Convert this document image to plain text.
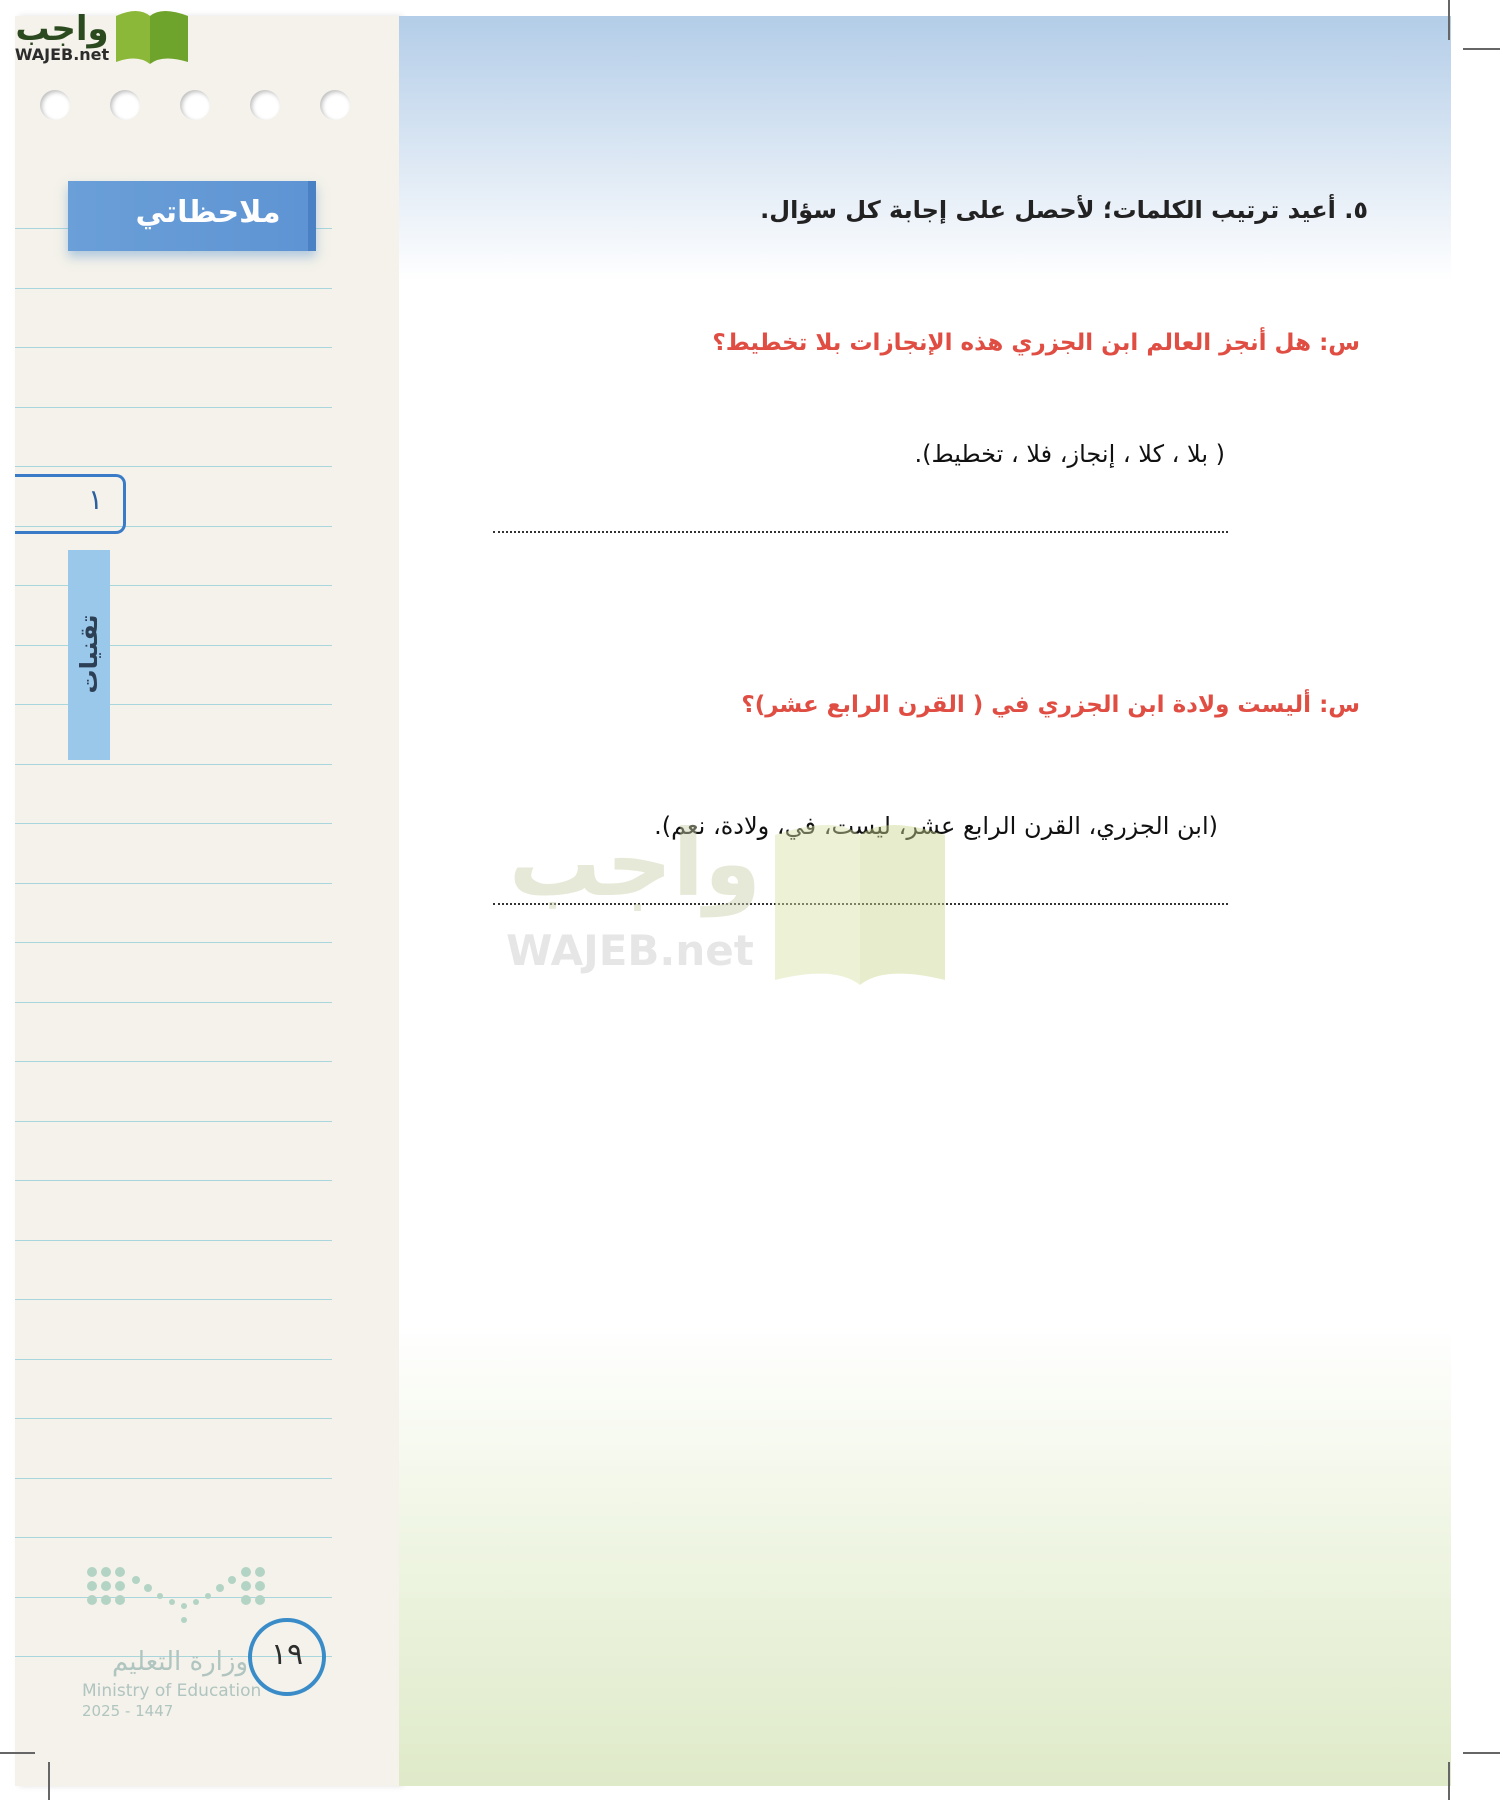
ملاحظاتي
١
تقنيات
واجب
WAJEB.net
٥. أعيد ترتيب الكلمات؛ لأحصل على إجابة كل سؤال.
س: هل أنجز العالم ابن الجزري هذه الإنجازات بلا تخطيط؟
( بلا ، كلا ، إنجاز، فلا ، تخطيط).
س: أليست ولادة ابن الجزري في ( القرن الرابع عشر)؟
(ابن الجزري، القرن الرابع عشر، ليست، في، ولادة، نعم).
واجب
WAJEB.net
وزارة التعليم
Ministry of Education
2025 - 1447
١٩
